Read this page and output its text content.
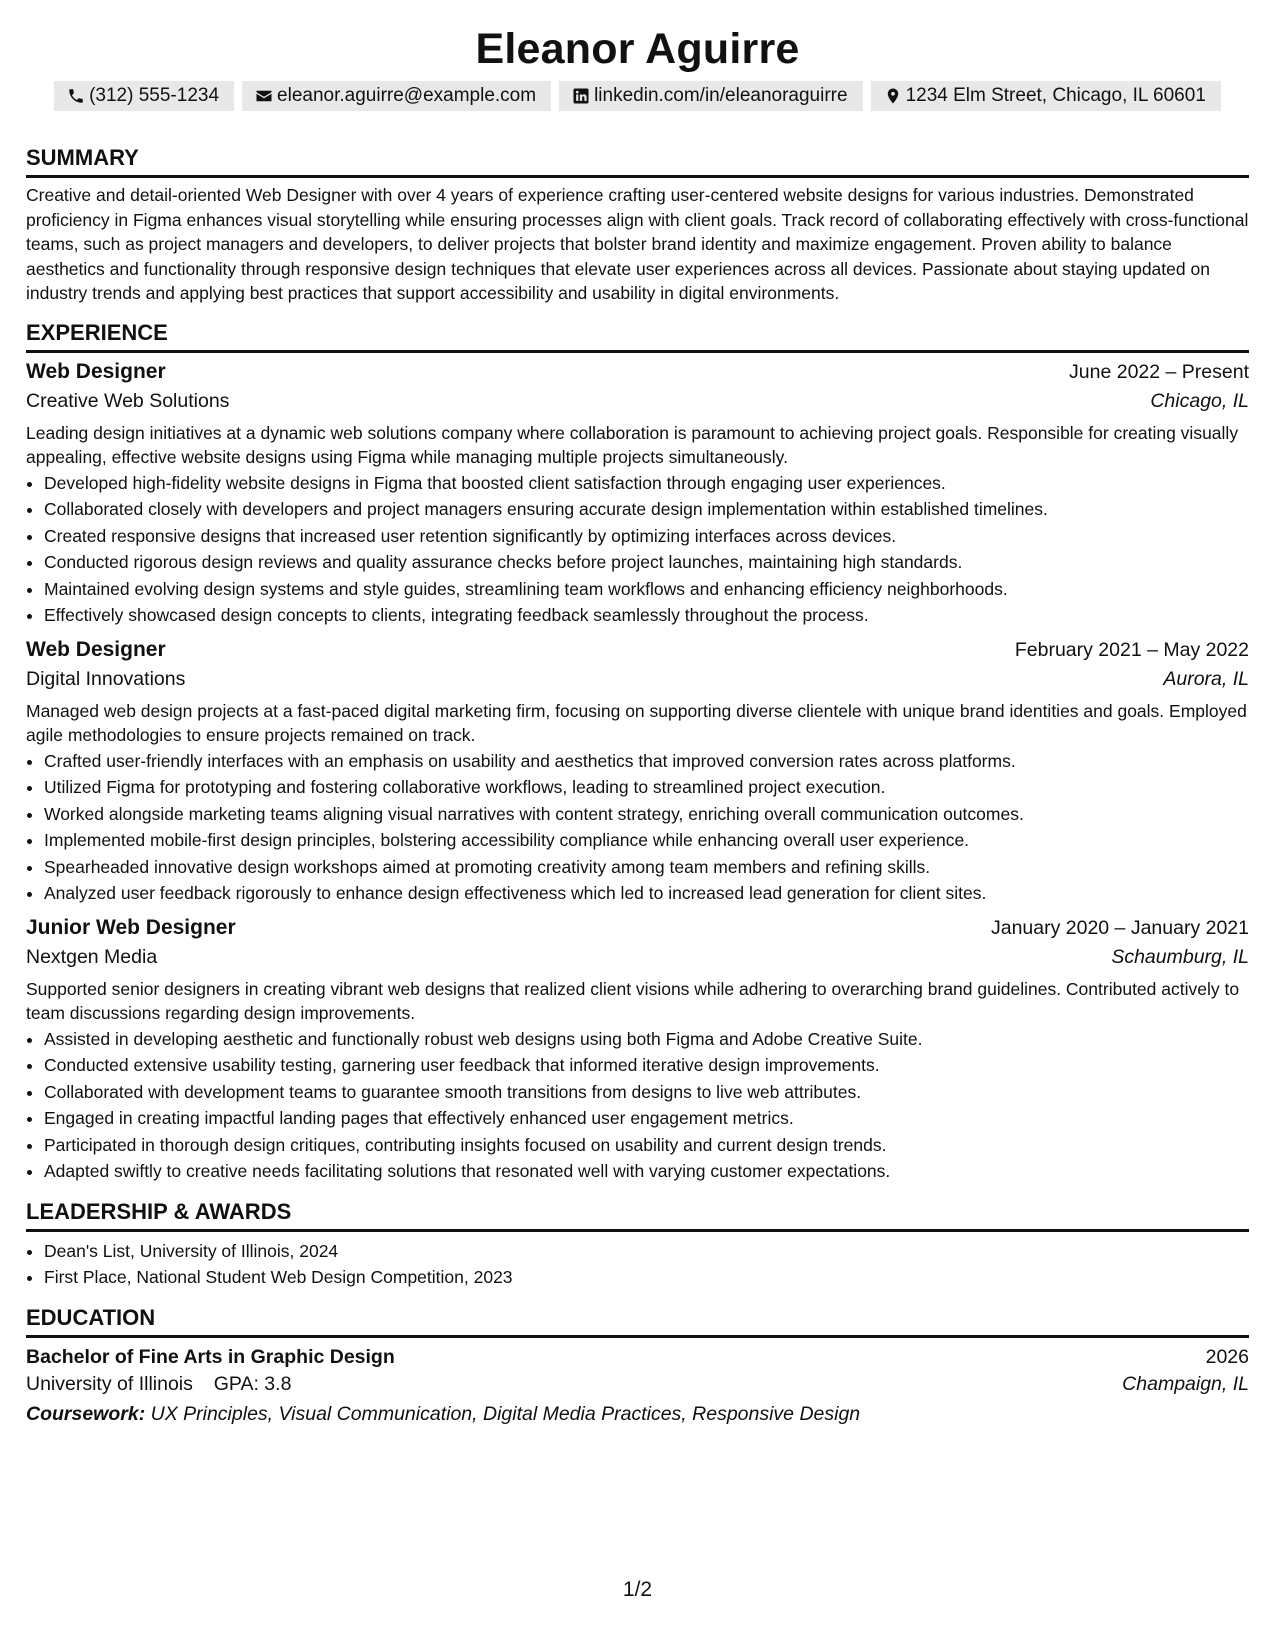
Eleanor Aguirre
(312) 555-1234	eleanor.aguirre@example.com	linkedin.com/in/eleanoraguirre	1234 Elm Street, Chicago, IL 60601
SUMMARY
Creative and detail-oriented Web Designer with over 4 years of experience crafting user-centered website designs for various industries. Demonstrated proficiency in Figma enhances visual storytelling while ensuring processes align with client goals. Track record of collaborating effectively with cross-functional teams, such as project managers and developers, to deliver projects that bolster brand identity and maximize engagement. Proven ability to balance aesthetics and functionality through responsive design techniques that elevate user experiences across all devices. Passionate about staying updated on industry trends and applying best practices that support accessibility and usability in digital environments.
EXPERIENCE
Web Designer	June 2022 – Present
Creative Web Solutions	Chicago, IL
Leading design initiatives at a dynamic web solutions company where collaboration is paramount to achieving project goals. Responsible for creating visually appealing, effective website designs using Figma while managing multiple projects simultaneously.
• Developed high-fidelity website designs in Figma that boosted client satisfaction through engaging user experiences.
• Collaborated closely with developers and project managers ensuring accurate design implementation within established timelines.
• Created responsive designs that increased user retention significantly by optimizing interfaces across devices.
• Conducted rigorous design reviews and quality assurance checks before project launches, maintaining high standards.
• Maintained evolving design systems and style guides, streamlining team workflows and enhancing efficiency neighborhoods.
• Effectively showcased design concepts to clients, integrating feedback seamlessly throughout the process.
Web Designer	February 2021 – May 2022
Digital Innovations	Aurora, IL
Managed web design projects at a fast-paced digital marketing firm, focusing on supporting diverse clientele with unique brand identities and goals. Employed agile methodologies to ensure projects remained on track.
• Crafted user-friendly interfaces with an emphasis on usability and aesthetics that improved conversion rates across platforms.
• Utilized Figma for prototyping and fostering collaborative workflows, leading to streamlined project execution.
• Worked alongside marketing teams aligning visual narratives with content strategy, enriching overall communication outcomes.
• Implemented mobile-first design principles, bolstering accessibility compliance while enhancing overall user experience.
• Spearheaded innovative design workshops aimed at promoting creativity among team members and refining skills.
• Analyzed user feedback rigorously to enhance design effectiveness which led to increased lead generation for client sites.
Junior Web Designer	January 2020 – January 2021
Nextgen Media	Schaumburg, IL
Supported senior designers in creating vibrant web designs that realized client visions while adhering to overarching brand guidelines. Contributed actively to team discussions regarding design improvements.
• Assisted in developing aesthetic and functionally robust web designs using both Figma and Adobe Creative Suite.
• Conducted extensive usability testing, garnering user feedback that informed iterative design improvements.
• Collaborated with development teams to guarantee smooth transitions from designs to live web attributes.
• Engaged in creating impactful landing pages that effectively enhanced user engagement metrics.
• Participated in thorough design critiques, contributing insights focused on usability and current design trends.
• Adapted swiftly to creative needs facilitating solutions that resonated well with varying customer expectations.
LEADERSHIP & AWARDS
• Dean's List, University of Illinois, 2024
• First Place, National Student Web Design Competition, 2023
EDUCATION
Bachelor of Fine Arts in Graphic Design	2026
University of Illinois GPA: 3.8	Champaign, IL
Coursework: UX Principles, Visual Communication, Digital Media Practices, Responsive Design
1/2
